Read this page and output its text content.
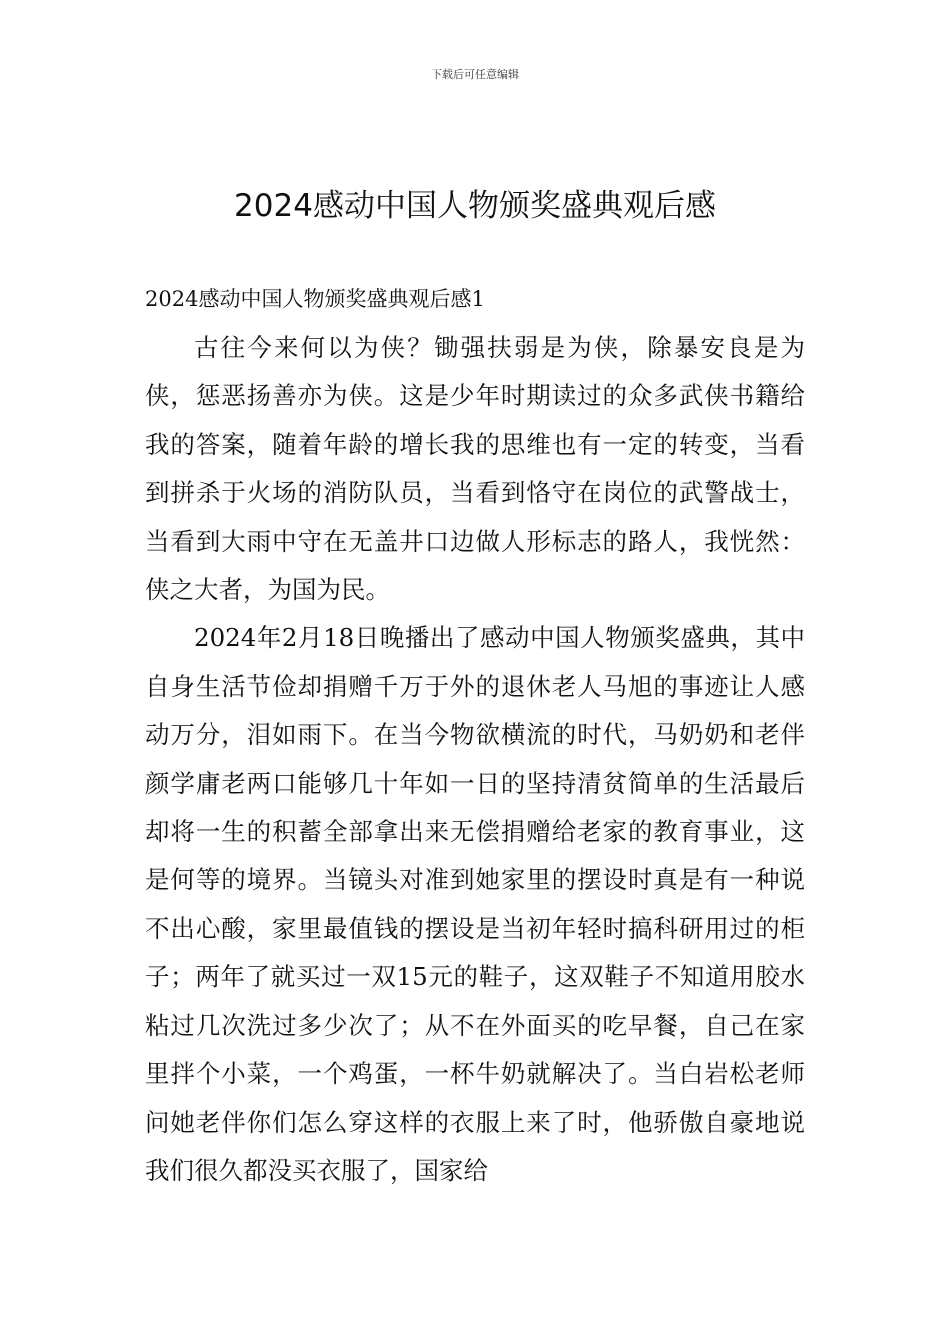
下载后可任意编辑
2024感动中国人物颁奖盛典观后感

2024感动中国人物颁奖盛典观后感1

古往今来何以为侠？锄强扶弱是为侠，除暴安良是为侠，惩恶扬善亦为侠。这是少年时期读过的众多武侠书籍给我的答案，随着年龄的增长我的思维也有一定的转变，当看到拼杀于火场的消防队员，当看到恪守在岗位的武警战士，当看到大雨中守在无盖井口边做人形标志的路人，我恍然：侠之大者，为国为民。

2024年2月18日晚播出了感动中国人物颁奖盛典，其中自身生活节俭却捐赠千万于外的退休老人马旭的事迹让人感动万分，泪如雨下。在当今物欲横流的时代，马奶奶和老伴颜学庸老两口能够几十年如一日的坚持清贫简单的生活最后却将一生的积蓄全部拿出来无偿捐赠给老家的教育事业，这是何等的境界。当镜头对准到她家里的摆设时真是有一种说不出心酸，家里最值钱的摆设是当初年轻时搞科研用过的柜子；两年了就买过一双15元的鞋子，这双鞋子不知道用胶水粘过几次洗过多少次了；从不在外面买的吃早餐，自己在家里拌个小菜，一个鸡蛋，一杯牛奶就解决了。当白岩松老师问她老伴你们怎么穿这样的衣服上来了时，他骄傲自豪地说我们很久都没买衣服了，国家给
